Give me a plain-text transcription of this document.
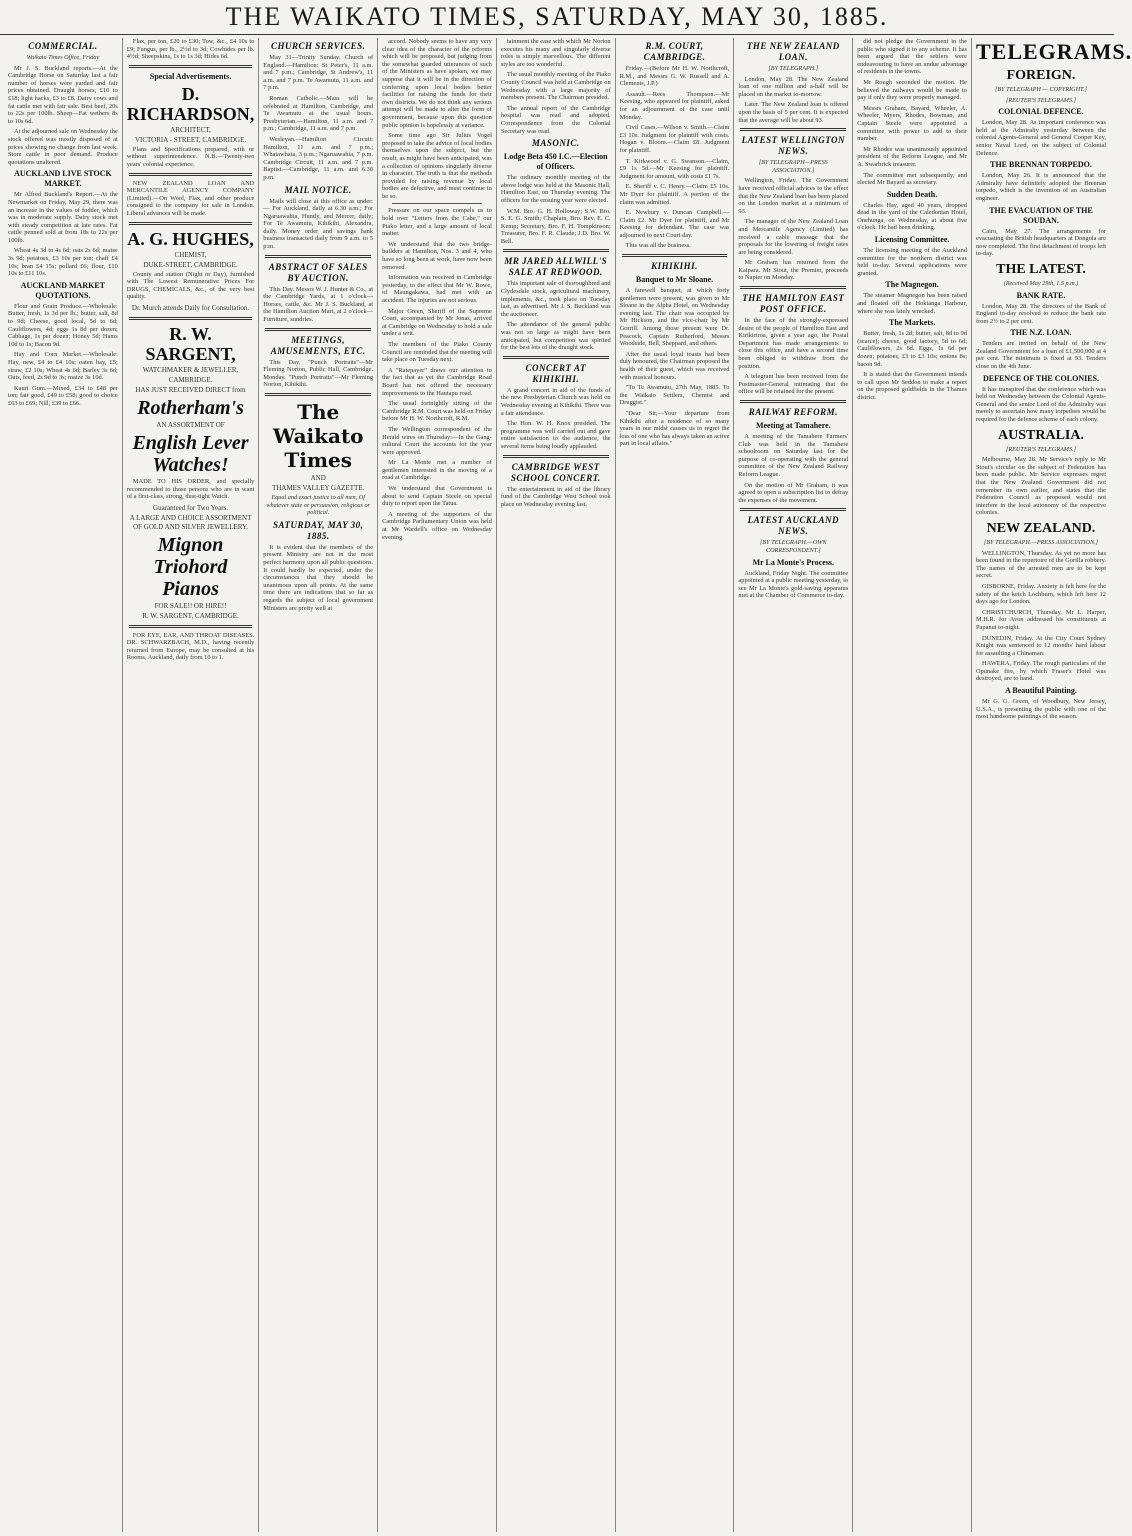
THE WAIKATO TIMES, SATURDAY, MAY 30, 1885.
COMMERCIAL.
Waikato Times Office, Friday
Mr J. S. Buckland reports.—At the Cambridge Horse on Saturday last a fair number of horses were yarded and fair prices obtained. Draught horses, £10 to £18; light hacks, £3 to £8. Dairy cows and fat cattle met with fair sale. Best beef, 20s to 22s per 100lb. Sheep—Fat wethers 8s to 10s 6d.
At the adjourned sale on Wednesday the stock offered was mostly disposed of at prices showing no change from last week. Store cattle in poor demand. Produce quotations unaltered.
AUCKLAND LIVE STOCK MARKET.
Mr Alfred Buckland's Report.—At the Newmarket on Friday, May 29, there was an increase in the values of fodder, which was in moderate supply. Dairy stock met with steady competition at late rates. Fat cattle penned sold at from 18s to 22s per 100lb.
Wheat 4s 3d to 4s 6d; oats 2s 6d; maize 3s 9d; potatoes, £3 10s per ton; chaff £4 10s; bran £4 15s; pollard £6; flour, £10 10s to £11 10s.
AUCKLAND MARKET QUOTATIONS.
Flour and Grain Produce.—Wholesale: Butter, fresh, 1s 3d per lb.; butter, salt, 8d to 9d; Cheese, good local, 5d to 6d; Cauliflowers, 4d; eggs 1s 8d per dozen; Cabbage, 1s per dozen; Honey 5d; Hams 10d to 1s; Bacon 9d.
Hay and Corn Market.—Wholesale: Hay, new, £4 to £4 10s; oaten hay, £5; straw, £2 10s; Wheat 4s 6d; Barley 3s 6d; Oats, feed, 2s 9d to 3s; maize 3s 10d.
Kauri Gum.—Mixed, £34 to £48 per ton; fair good, £49 to £58; good to choice £63 to £69; Nill, £39 to £66.
Flax, per ton, £20 to £30; Tow, &c., £4 10s to £9; Fungus, per lb., 2½d to 3d; Cowhides per lb. 4½d; Sheepskins, 1s to 1s 3d; Hides 6d.
Special Advertisements.
D. RICHARDSON,
ARCHITECT,
VICTORIA - STREET, CAMBRIDGE.
Plans and Specifications prepared, with or without superintendence. N.B.—Twenty-two years' colonial experience.
NEW ZEALAND LOAN AND MERCANTILE AGENCY COMPANY (Limited).—On Wool, Flax, and other produce consigned to the company for sale in London. Liberal advances will be made.
A. G. HUGHES,
CHEMIST,
DUKE-STREET, CAMBRIDGE.
County and station (Night or Day), furnished with The Lowest Remunerative Prices For DRUGS, CHEMICALS, &c., of the very best quality.
Dr. Murch attends Daily for Consultation.
R. W. SARGENT,
WATCHMAKER & JEWELLER,
CAMBRIDGE.
HAS JUST RECEIVED DIRECT from
Rotherham's
AN ASSORTMENT OF
English Lever Watches!
MADE TO HIS ORDER, and specially recommended to those persons who are in want of a first-class, strong, dust-tight Watch.
Guaranteed for Two Years.
A LARGE AND CHOICE ASSORTMENT OF GOLD AND SILVER JEWELLERY.
Mignon Triohord Pianos
FOR SALE!! OR HIRE!!
R. W. SARGENT, CAMBRIDGE.
FOR EYE, EAR, AND THROAT DISEASES. DR. SCHWARZBACH, M.D., having recently returned from Europe, may be consulted at his Rooms, Auckland, daily from 10 to 1.
CHURCH SERVICES.
May 31—Trinity Sunday. Church of England.—Hamilton: St Peter's, 11 a.m. and 7 p.m.; Cambridge, St Andrew's, 11 a.m. and 7 p.m. Te Awamutu, 11 a.m. and 7 p.m.
Roman Catholic.—Mass will be celebrated at Hamilton, Cambridge, and Te Awamutu at the usual hours. Presbyterian.—Hamilton, 11 a.m. and 7 p.m.; Cambridge, 11 a.m. and 7 p.m.
Wesleyan.—Hamilton Circuit: Hamilton, 11 a.m. and 7 p.m.; Whatawhata, 3 p.m.; Ngaruawahia, 7 p.m. Cambridge Circuit, 11 a.m. and 7 p.m. Baptist.—Cambridge, 11 a.m. and 6.30 p.m.
MAIL NOTICE.
Mails will close at this office as under:— For Auckland, daily at 6.30 a.m.; For Ngaruawahia, Huntly, and Mercer, daily; For Te Awamutu, Kihikihi, Alexandra, daily. Money order and savings bank business transacted daily from 9 a.m. to 5 p.m.
ABSTRACT OF SALES BY AUCTION.
This Day. Messrs W. J. Hunter & Co., at the Cambridge Yards, at 1 o'clock—Horses, cattle, &c. Mr J. S. Buckland, at the Hamilton Auction Mart, at 2 o'clock—Furniture, sundries.
MEETINGS, AMUSEMENTS, ETC.
This Day. "Punch Portraits"—Mr Fleming Norton, Public Hall, Cambridge. Monday. "Punch Portraits"—Mr Fleming Norton, Kihikihi.
The Waikato Times
AND
THAMES VALLEY GAZETTE.
Equal and exact justice to all men, Of whatever state or persuasion, religious or political.
SATURDAY, MAY 30, 1885.
It is evident that the members of the present Ministry are not in the most perfect harmony upon all public questions. It could hardly be expected, under the circumstances that they should be unanimous upon all points. At the same time there are indications that so far as regards the subject of local government Ministers are pretty well at
accord. Nobody seems to have any very clear idea of the character of the reforms which will be proposed, but judging from the somewhat guarded utterances of such of the Ministers as have spoken, we may suppose that it will be in the direction of conferring upon local bodies better facilities for raising the funds for their own districts. We do not think any serious attempt will be made to alter the form of government, because upon this question public opinion is hopelessly at variance.
Some time ago Sir Julius Vogel proposed to take the advice of local bodies themselves upon the subject, but the result, as might have been anticipated, was a collection of opinions singularly diverse in character. The truth is that the methods provided for raising revenue by local bodies are defective, and must continue to be so.
Pressure on our space compels us to hold over "Letters from the Cabe," our Piako letter, and a large amount of local matter.
We understand that the two bridge-builders at Hamilton, Nos. 3 and 4, who have so long been at work, have now been removed.
Information was received in Cambridge yesterday, to the effect that Mr W. Rowe, of Maungakawa, had met with an accident. The injuries are not serious.
Major Green, Sheriff of the Supreme Court, accompanied by Mr Jonas, arrived at Cambridge on Wednesday to hold a sale under a writ.
The members of the Piako County Council are reminded that the meeting will take place on Tuesday next.
A "Ratepayer" draws our attention to the fact that as yet the Cambridge Road Board has not offered the necessary improvements to the Hautapu road.
The usual fortnightly sitting of the Cambridge R.M. Court was held on Friday before Mr H. W. Northcroft, R.M.
The Wellington correspondent of the Herald wires on Thursday:—In the Gang-cultural Court the accounts for the year were approved.
Mr La Monte met a number of gentlemen interested in the moving of a road at Cambridge.
We understand that Government is about to send Captain Steele on special duty to report upon the Tatua.
A meeting of the supporters of the Cambridge Parliamentary Union was held at Mr Wardell's office on Wednesday evening.
tainment the ease with which Mr Norton executes his many and singularly diverse roles is simply marvellous. The different styles are too wonderful.
The usual monthly meeting of the Piako County Council was held at Cambridge on Wednesday with a large majority of members present. The Chairman presided.
The annual report of the Cambridge hospital was read and adopted. Correspondence from the Colonial Secretary was read.
MASONIC.
Lodge Beta 450 I.C.—Election of Officers.
The ordinary monthly meeting of the above lodge was held at the Masonic Hall, Hamilton East, on Thursday evening. The officers for the ensuing year were elected.
W.M. Bro. G. H. Holloway; S.W. Bro. S. E. G. Smith; Chaplain, Bro. Rev. E. C. Kemp; Secretary, Bro. F. H. Tompkinson; Treasurer, Bro. F. R. Claude; J.D. Bro. W. Bell.
MR JARED ALLWILL'S SALE AT REDWOOD.
This important sale of thoroughbred and Clydesdale stock, agricultural machinery, implements, &c., took place on Tuesday last, as advertised. Mr J. S. Buckland was the auctioneer.
The attendance of the general public was not so large as might have been anticipated, but competition was spirited for the best lots of the draught stock.
CONCERT AT KIHIKIHI.
A grand concert in aid of the funds of the new Presbyterian Church was held on Wednesday evening at Kihikihi. There was a fair attendance.
The Hon. W. H. Knox presided. The programme was well carried out and gave entire satisfaction to the audience, the several items being loudly applauded.
CAMBRIDGE WEST SCHOOL CONCERT.
The entertainment in aid of the library fund of the Cambridge West School took place on Wednesday evening last.
R.M. COURT, CAMBRIDGE.
Friday.—(Before Mr H. W. Northcroft, R.M., and Messrs G. W. Russell and A. Clements, J.P.)
Assault.—Rees Thompson.—Mr Keesing, who appeared for plaintiff, asked for an adjournment of the case until Monday.
Civil Cases.—Wilson v. Smith.—Claim £3 10s. Judgment for plaintiff with costs. Hogan v. Bloom.—Claim £8. Judgment for plaintiff.
T. Kirkwood v. G. Swanson.—Claim, £9 1s 5d.—Mr Keesing for plaintiff. Judgment for amount, with costs £1 7s.
E. Sheriff v. C. Henry.—Claim £5 10s. Mr Dyer for plaintiff. A portion of the claim was admitted.
E. Newbury v. Duncan Campbell.—Claim £2. Mr Dyer for plaintiff, and Mr Keesing for defendant. The case was adjourned to next Court day.
This was all the business.
KIHIKIHI.
Banquet to Mr Sloane.
A farewell banquet, at which forty gentlemen were present, was given to Mr Sloane in the Alpha Hotel, on Wednesday evening last. The chair was occupied by Mr Hickson, and the vice-chair by Mr Gorrill. Among those present were Dr. Peacock, Captain Rutherford, Messrs Woodside, Bell, Sheppard, and others.
After the usual loyal toasts had been duly honoured, the Chairman proposed the health of their guest, which was received with musical honours.
"To Te Awamutu, 27th May, 1885. To the Waikato Settlers, Chemist and Druggist."
"Dear Sir,—Your departure from Kihikihi after a residence of so many years in our midst causes us to regret the loss of one who has always taken an active part in local affairs."
THE NEW ZEALAND LOAN.
[BY TELEGRAPH.]
London, May 28. The New Zealand loan of one million and a-half will be placed on the market to-morrow.
Later. The New Zealand loan is offered upon the basis of 5 per cent. It is expected that the average will be about 93.
LATEST WELLINGTON NEWS.
[BY TELEGRAPH—PRESS ASSOCIATION.]
Wellington, Friday. The Government have received official advices to the effect that the New Zealand loan has been placed on the London market at a minimum of 93.
The manager of the New Zealand Loan and Mercantile Agency (Limited) has received a cable message that the proposals for the lowering of freight rates are being considered.
Mr Graham has returned from the Kaipara. Mr Stout, the Premier, proceeds to Napier on Monday.
THE HAMILTON EAST POST OFFICE.
In the face of the strongly-expressed desire of the people of Hamilton East and Kirikiriroa, given a year ago, the Postal Department has made arrangements to close this office, and have a second time been obliged to withdraw from the position.
A telegram has been received from the Postmaster-General intimating that the office will be retained for the present.
RAILWAY REFORM.
Meeting at Tamahere.
A meeting of the Tamahere Farmers' Club was held in the Tamahere schoolroom on Saturday last for the purpose of co-operating with the general committee of the New Zealand Railway Reform League.
On the motion of Mr Graham, it was agreed to open a subscription list to defray the expenses of the movement.
LATEST AUCKLAND NEWS.
[BY TELEGRAPH.—OWN CORRESPONDENT.]
Mr La Monte's Process.
Auckland, Friday Night. The committee appointed at a public meeting yesterday, to see Mr La Monte's gold-saving apparatus met at the Chamber of Commerce to-day.
did not pledge the Government in the public who signed it to any scheme. It has been argued that the settlers were endeavouring to have an undue advantage of residents in the towns.
Mr Rough seconded the motion. He believed the railways would be made to pay if only they were properly managed.
Messrs Graham, Bayard, Wheeler, A. Wheeler, Myers, Rhodes, Bowman, and Captain Steele were appointed a committee with power to add to their number.
Mr Rhodes was unanimously appointed president of the Reform League, and Mr A. Swarbrick treasurer.
The committee met subsequently, and elected Mr Bayard as secretary.
Sudden Death.
Charles Hay, aged 40 years, dropped dead in the yard of the Caledonian Hotel, Onehunga, on Wednesday, at about five o'clock. He had been drinking.
Licensing Committee.
The licensing meeting of the Auckland committee for the northern district was held to-day. Several applications were granted.
The Magnegon.
The steamer Magnegon has been raised and floated off the Hokianga Harbour, where she was lately wrecked.
The Markets.
Butter, fresh, 1s 2d; butter, salt, 8d to 9d (scarce); cheese, good factory, 5d to 6d; Cauliflowers, 2s 6d. Eggs, 1s 6d per dozen; potatoes, £3 to £3 10s; onions 8s; bacon 9d.
It is stated that the Government intends to call upon Mr Seddon to make a report on the proposed goldfields in the Thames district.
TELEGRAMS.
FOREIGN.
[BY TELEGRAPH — COPYRIGHT.]
[REUTER'S TELEGRAMS.]
COLONIAL DEFENCE.
London, May 28. As important conference was held at the Admiralty yesterday between the colonial Agents-General and General Cooper Key, senior Naval Lord, on the subject of Colonial Defence.
THE BRENNAN TORPEDO.
London, May 26. It is announced that the Admiralty have definitely adopted the Brennan torpedo, which is the invention of an Australian engineer.
THE EVACUATION OF THE SOUDAN.
Cairo, May 27. The arrangements for evacuating the British headquarters at Dongola are now completed. The first detachment of troops left to-day.
THE LATEST.
(Received May 29th, 1.5 p.m.)
BANK RATE.
London, May 28. The directors of the Bank of England to-day resolved to reduce the bank rate from 2½ to 2 per cent.
THE N.Z. LOAN.
Tenders are invited on behalf of the New Zealand Government for a loan of £1,500,000 at 4 per cent. The minimum is fixed at 93. Tenders close on the 4th June.
DEFENCE OF THE COLONIES.
It has transpired that the conference which was held on Wednesday between the Colonial Agents-General and the senior Lord of the Admiralty was merely to ascertain how many torpedoes would be required for the defence scheme of each colony.
AUSTRALIA.
[REUTER'S TELEGRAMS.]
Melbourne, May 28. Mr Service's reply to Mr Stout's circular on the subject of Federation has been made public. Mr Service expresses regret that the New Zealand Government did not remember its own earlier, and states that the Federation Council as proposed would not interfere in the local autonomy of the respective colonies.
NEW ZEALAND.
[BY TELEGRAPH.—PRESS ASSOCIATION.]
WELLINGTON, Thursday. As yet no more has been found in the repertoire of the Gorilla robbery. The names of the arrested men are to be kept secret.
GISBORNE, Friday. Anxiety is felt here for the safety of the ketch Lochburn, which left here 12 days ago for London.
CHRISTCHURCH, Thursday. Mr L. Harper, M.H.R. for Avon addressed his constituents at Papanui to-night.
DUNEDIN, Friday. At the City Court Sydney Knight was sentenced to 12 months' hard labour for assaulting a Chinaman.
HAWERA, Friday. The rough particulars of the Opunake fire, by which Fraser's Hotel was destroyed, are to hand.
A Beautiful Painting.
Mr G. G. Green, of Woodbury, New Jersey, U.S.A., is presenting the public with one of the most handsome paintings of the season.
